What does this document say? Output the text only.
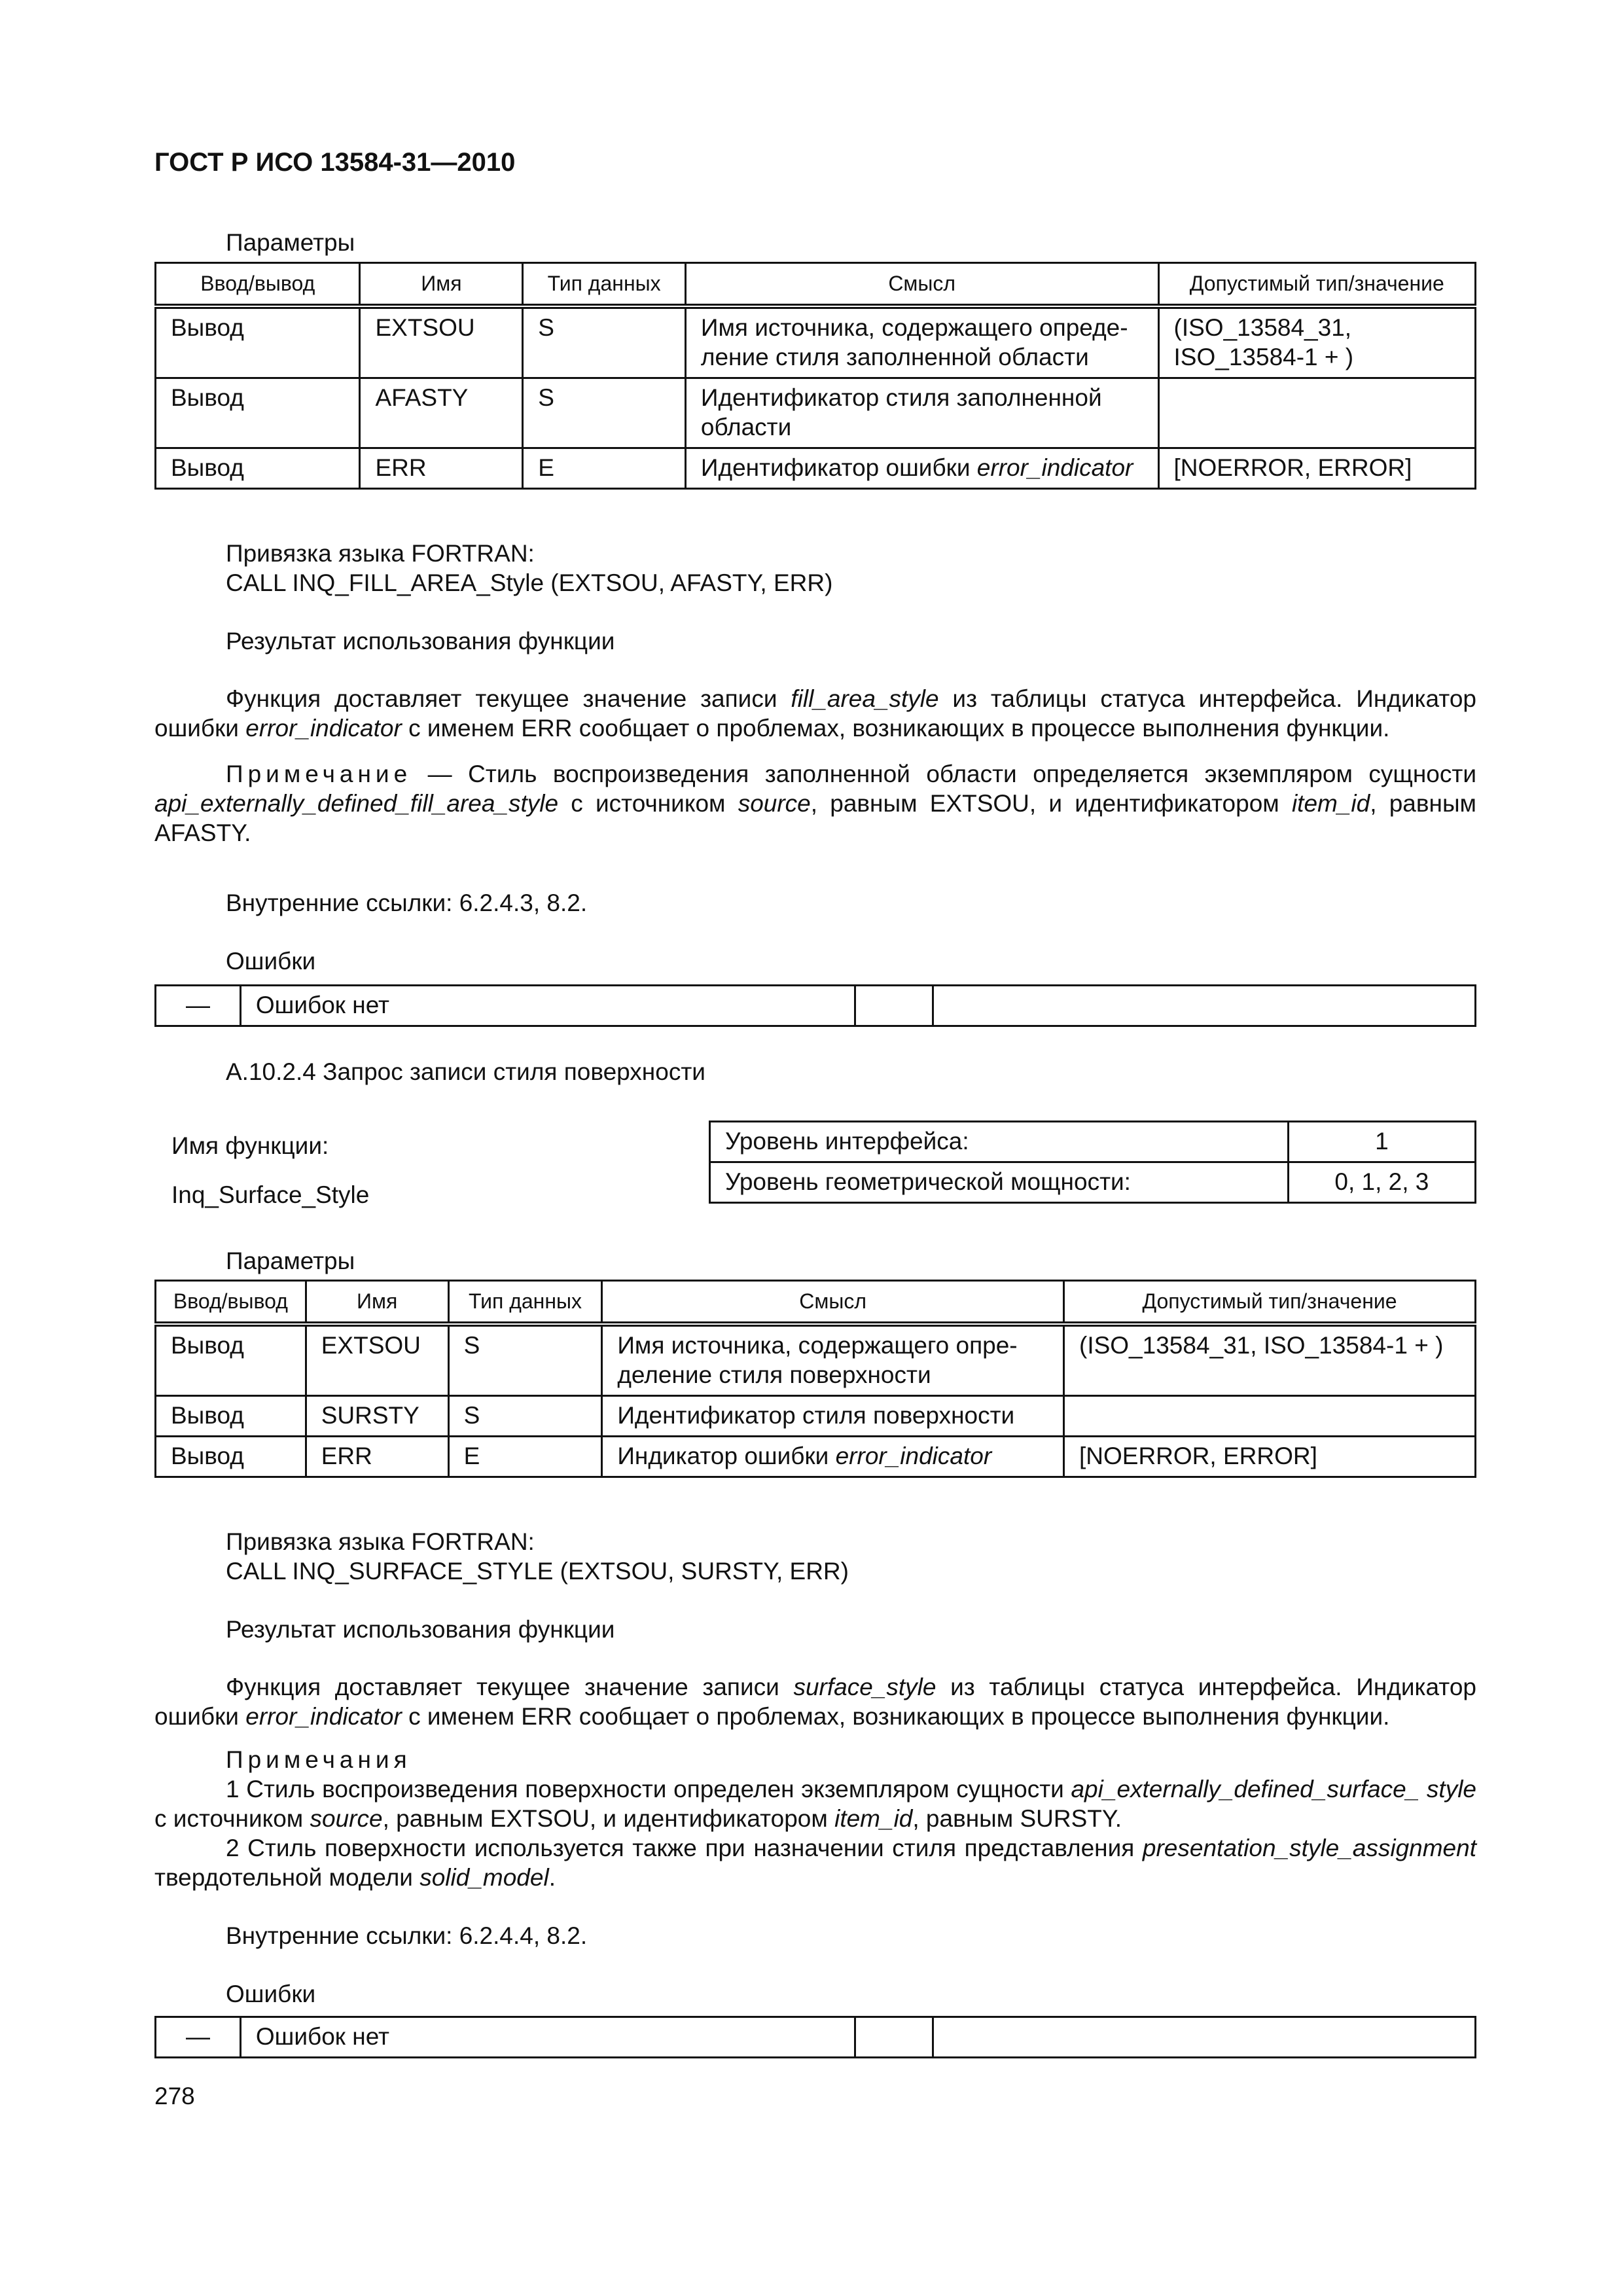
ГОСТ Р ИСО 13584-31—2010
Параметры
Ввод/вывод	Имя	Тип данных	Смысл	Допустимый тип/значение
Вывод	EXTSOU	S	Имя источника, содержащего опреде-ление стиля заполненной области	(ISO_13584_31, ISO_13584-1 + )
Вывод	AFASTY	S	Идентификатор стиля заполненной области	
Вывод	ERR	E	Идентификатор ошибки error_indicator	[NOERROR, ERROR]
Привязка языка FORTRAN:
CALL INQ_FILL_AREA_Style (EXTSOU, AFASTY, ERR)
Результат использования функции
Функция доставляет текущее значение записи fill_area_style из таблицы статуса интерфейса. Индикатор ошибки error_indicator с именем ERR сообщает о проблемах, возникающих в процессе выполнения функции.
Примечание — Стиль воспроизведения заполненной области определяется экземпляром сущности api_externally_defined_fill_area_style с источником source, равным EXTSOU, и идентификатором item_id, равным AFASTY.
Внутренние ссылки: 6.2.4.3, 8.2.
Ошибки
—	Ошибок нет		
А.10.2.4 Запрос записи стиля поверхности
Имя функции:
Inq_Surface_Style
Уровень интерфейса:	1
Уровень геометрической мощности:	0, 1, 2, 3
Параметры
Ввод/вывод	Имя	Тип данных	Смысл	Допустимый тип/значение
Вывод	EXTSOU	S	Имя источника, содержащего опре-деление стиля поверхности	(ISO_13584_31, ISO_13584-1 + )
Вывод	SURSTY	S	Идентификатор стиля поверхности	
Вывод	ERR	E	Индикатор ошибки error_indicator	[NOERROR, ERROR]
Привязка языка FORTRAN:
CALL INQ_SURFACE_STYLE (EXTSOU, SURSTY, ERR)
Результат использования функции
Функция доставляет текущее значение записи surface_style из таблицы статуса интерфейса. Индикатор ошибки error_indicator с именем ERR сообщает о проблемах, возникающих в процессе выполнения функции.
Примечания
1 Стиль воспроизведения поверхности определен экземпляром сущности api_externally_defined_surface_ style с источником source, равным EXTSOU, и идентификатором item_id, равным SURSTY.
2 Стиль поверхности используется также при назначении стиля представления presentation_style_assignment твердотельной модели solid_model.
Внутренние ссылки: 6.2.4.4, 8.2.
Ошибки
—	Ошибок нет		
278
